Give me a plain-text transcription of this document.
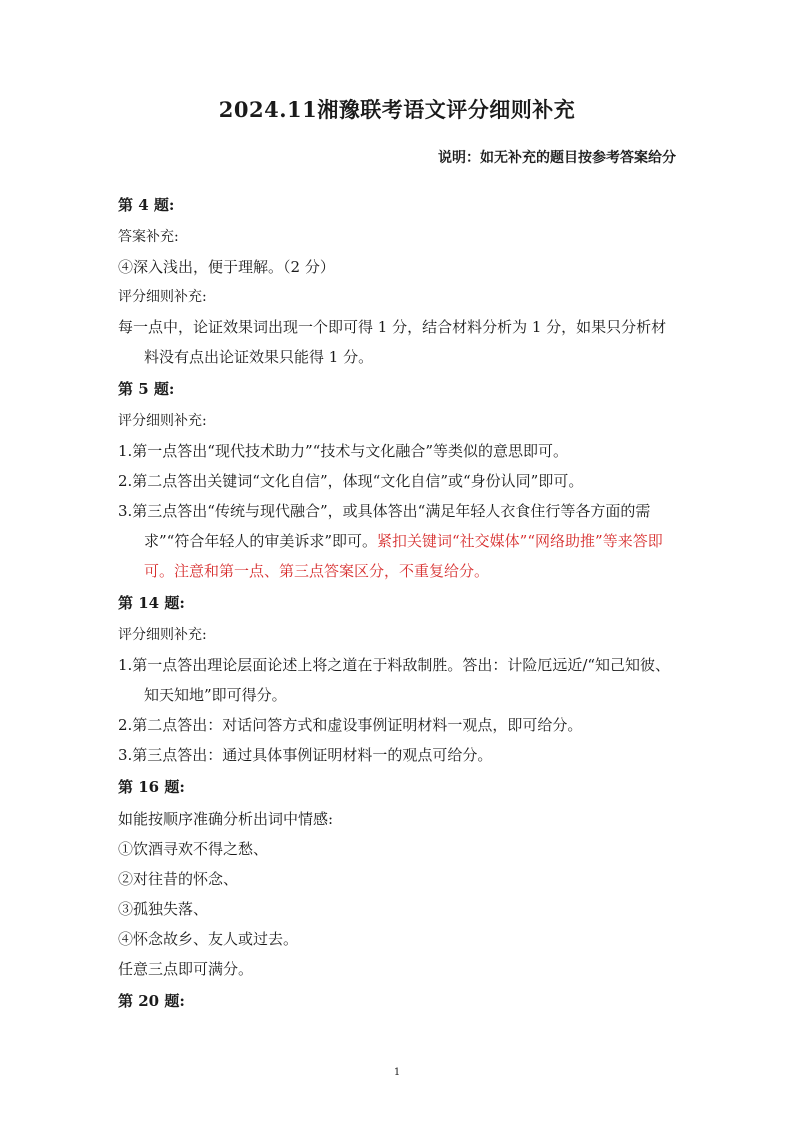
2024.11湘豫联考语文评分细则补充

说明：如无补充的题目按参考答案给分

第 4 题:

答案补充:

④深入浅出，便于理解。（2 分）

评分细则补充:

每一点中，论证效果词出现一个即可得 1 分，结合材料分析为 1 分，如果只分析材料没有点出论证效果只能得 1 分。

第 5 题:

评分细则补充:

1.第一点答出“现代技术助力”“技术与文化融合”等类似的意思即可。

2.第二点答出关键词“文化自信”，体现“文化自信”或“身份认同”即可。

3.第三点答出“传统与现代融合”，或具体答出“满足年轻人衣食住行等各方面的需求”“符合年轻人的审美诉求”即可。紧扣关键词“社交媒体”“网络助推”等来答即可。注意和第一点、第三点答案区分，不重复给分。

第 14 题:

评分细则补充:

1.第一点答出理论层面论述上将之道在于料敌制胜。答出：计险厄远近/“知己知彼、知天知地”即可得分。

2.第二点答出：对话问答方式和虚设事例证明材料一观点，即可给分。

3.第三点答出：通过具体事例证明材料一的观点可给分。

第 16 题:

如能按顺序准确分析出词中情感:

①饮酒寻欢不得之愁、

②对往昔的怀念、

③孤独失落、

④怀念故乡、友人或过去。

任意三点即可满分。

第 20 题:

1
